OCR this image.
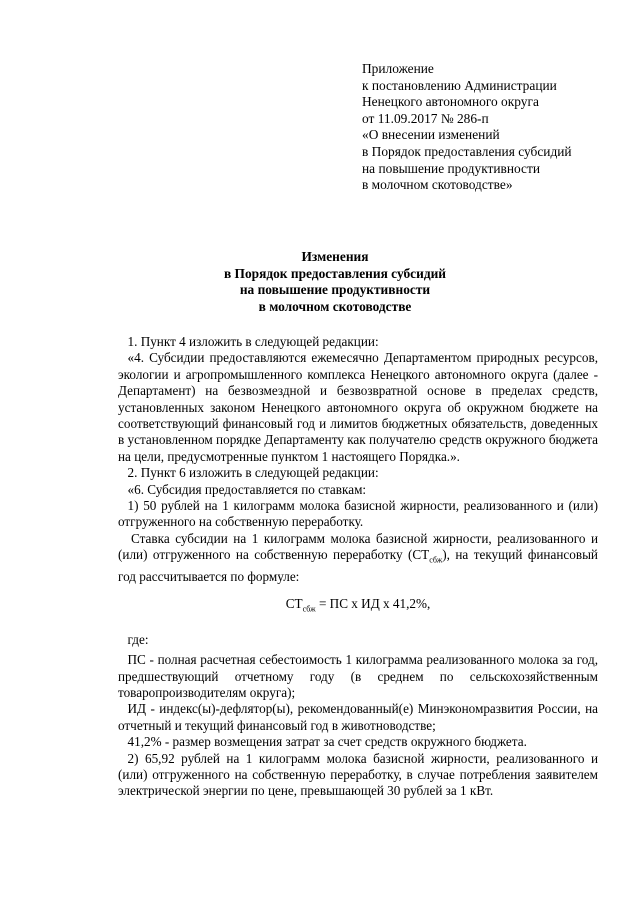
Приложение
к постановлению Администрации
Ненецкого автономного округа
от 11.09.2017 № 286-п
«О внесении изменений
в Порядок предоставления субсидий
на повышение продуктивности
в молочном скотоводстве»
Изменения
в Порядок предоставления субсидий
на повышение продуктивности
в молочном скотоводстве

1. Пункт 4 изложить в следующей редакции:

«4. Субсидии предоставляются ежемесячно Департаментом природных ресурсов, экологии и агропромышленного комплекса Ненецкого автономного округа (далее - Департамент) на безвозмездной и безвозвратной основе в пределах средств, установленных законом Ненецкого автономного округа об окружном бюджете на соответствующий финансовый год и лимитов бюджетных обязательств, доведенных в установленном порядке Департаменту как получателю средств окружного бюджета на цели, предусмотренные пунктом 1 настоящего Порядка.».

2. Пункт 6 изложить в следующей редакции:

«6. Субсидия предоставляется по ставкам:

1) 50 рублей на 1 килограмм молока базисной жирности, реализованного и (или) отгруженного на собственную переработку.

Ставка субсидии на 1 килограмм молока базисной жирности, реализованного и (или) отгруженного на собственную переработку $(СТ_{сбж})$, на текущий финансовый год рассчитывается по формуле:

$СТ_{сбж}$ = ПС x ИД x 41,2%,

где:

ПС - полная расчетная себестоимость 1 килограмма реализованного молока за год, предшествующий отчетному году (в среднем по сельскохозяйственным товаропроизводителям округа);

ИД - индекс(ы)-дефлятор(ы), рекомендованный(е) Минэкономразвития России, на отчетный и текущий финансовый год в животноводстве;

41,2% - размер возмещения затрат за счет средств окружного бюджета.

2) 65,92 рублей на 1 килограмм молока базисной жирности, реализованного и (или) отгруженного на собственную переработку, в случае потребления заявителем электрической энергии по цене, превышающей 30 рублей за 1 кВт.
